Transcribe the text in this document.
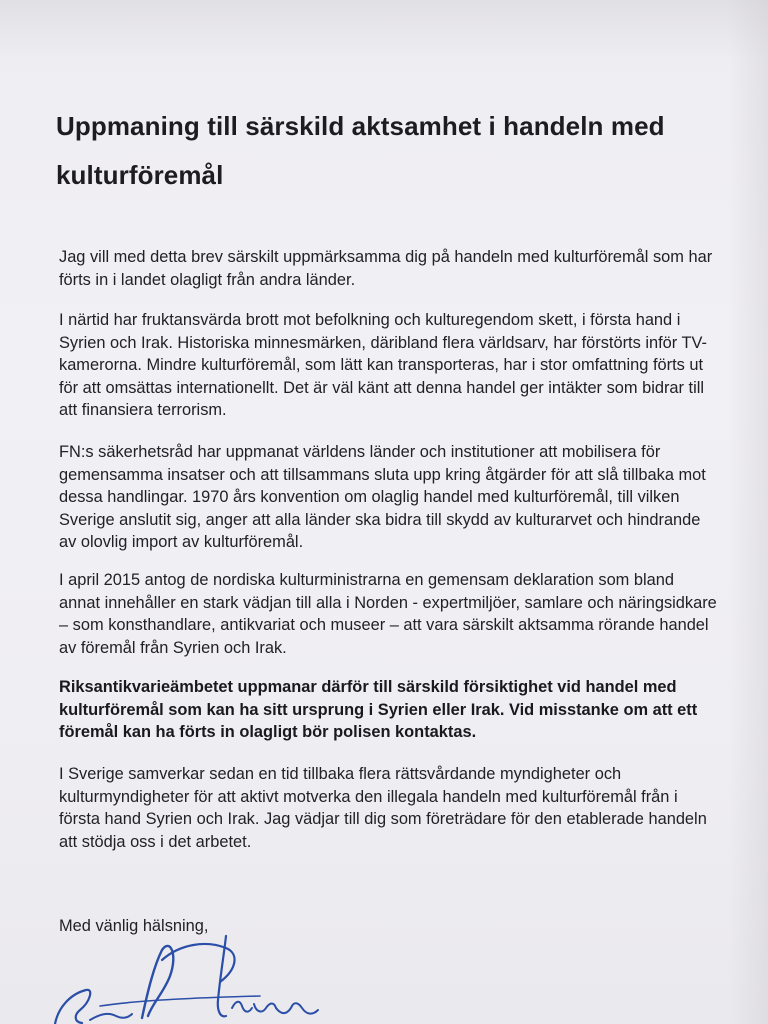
Uppmaning till särskild aktsamhet i handeln med kulturföremål

Jag vill med detta brev särskilt uppmärksamma dig på handeln med kulturföremål som har förts in i landet olagligt från andra länder.

I närtid har fruktansvärda brott mot befolkning och kulturegendom skett, i första hand i Syrien och Irak. Historiska minnesmärken, däribland flera världsarv, har förstörts inför TV-kamerorna. Mindre kulturföremål, som lätt kan transporteras, har i stor omfattning förts ut för att omsättas internationellt. Det är väl känt att denna handel ger intäkter som bidrar till att finansiera terrorism.

FN:s säkerhetsråd har uppmanat världens länder och institutioner att mobilisera för gemensamma insatser och att tillsammans sluta upp kring åtgärder för att slå tillbaka mot dessa handlingar. 1970 års konvention om olaglig handel med kulturföremål, till vilken Sverige anslutit sig, anger att alla länder ska bidra till skydd av kulturarvet och hindrande av olovlig import av kulturföremål.

I april 2015 antog de nordiska kulturministrarna en gemensam deklaration som bland annat innehåller en stark vädjan till alla i Norden - expertmiljöer, samlare och näringsidkare – som konsthandlare, antikvariat och museer – att vara särskilt aktsamma rörande handel av föremål från Syrien och Irak.

Riksantikvarieämbetet uppmanar därför till särskild försiktighet vid handel med kulturföremål som kan ha sitt ursprung i Syrien eller Irak. Vid misstanke om att ett föremål kan ha förts in olagligt bör polisen kontaktas.

I Sverige samverkar sedan en tid tillbaka flera rättsvårdande myndigheter och kulturmyndigheter för att aktivt motverka den illegala handeln med kulturföremål från i första hand Syrien och Irak. Jag vädjar till dig som företrädare för den etablerade handeln att stödja oss i det arbetet.

Med vänlig hälsning,
